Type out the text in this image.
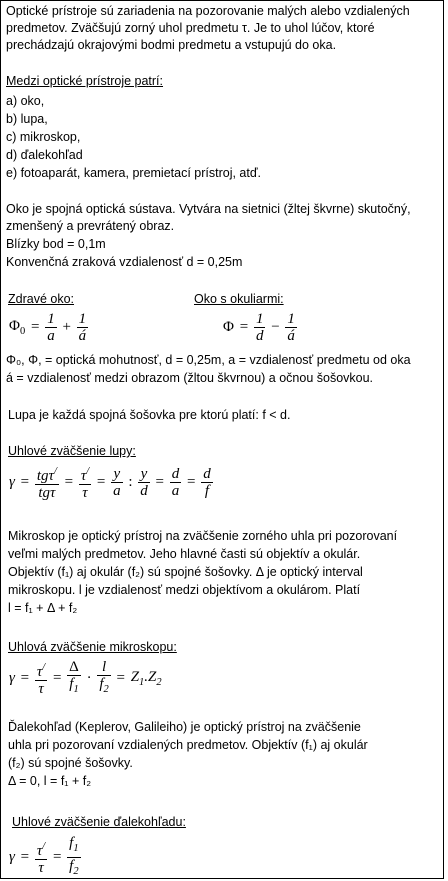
Optické prístroje sú zariadenia na pozorovanie malých alebo vzdialených
predmetov. Zväčšujú zorný uhol predmetu τ. Je to uhol lúčov, ktoré
prechádzajú okrajovými bodmi predmetu a vstupujú do oka.
Medzi optické prístroje patrí:
a) oko,
b) lupa,
c) mikroskop,
d) ďalekohľad
e) fotoaparát, kamera, premietací prístroj, atď.
Oko je spojná optická sústava. Vytvára na sietnici (žltej škvrne) skutočný,
zmenšený a prevrátený obraz.
Blízky bod = 0,1m
Konvenčná zraková vzdialenosť d = 0,25m
Zdravé oko:	Oko s okuliarmi:
$\Phi_0 = \frac{1}{a} + \frac{1}{á}$	$\Phi = \frac{1}{d} - \frac{1}{á}$
Φ₀, Φ, = optická mohutnosť, d = 0,25m, a = vzdialenosť predmetu od oka
á = vzdialenosť medzi obrazom (žltou škvrnou) a očnou šošovkou.
Lupa je každá spojná šošovka pre ktorú platí: f < d.
Uhlové zväčšenie lupy:
$\gamma = \frac{tg\tau^/}{\text{tgτ}} = \frac{\tau^/}{\tau} = \frac{y}{a}$ : $\frac{y}{d} = \frac{d}{a} = \frac{d}{f}$
Mikroskop je optický prístroj na zväčšenie zorného uhla pri pozorovaní
veľmi malých predmetov. Jeho hlavné časti sú objektív a okulár.
Objektív (f₁) aj okulár (f₂) sú spojné šošovky. Δ je optický interval
mikroskopu. l je vzdialenosť medzi objektívom a okulárom. Platí
l = f₁ + Δ + f₂
Uhlová zväčšenie mikroskopu:
$\gamma = \frac{\tau^/}{\tau} = \frac{\Delta}{f_1} \cdot \frac{l}{f_2} = Z_1.Z_2$
Ďalekohľad (Keplerov, Galileiho) je optický prístroj na zväčšenie
uhla pri pozorovaní vzdialených predmetov. Objektív (f₁) aj okulár
(f₂) sú spojné šošovky.
Δ = 0, l = f₁ + f₂
Uhlové zväčšenie ďalekohľadu:
$\gamma = \frac{\tau^/}{\tau} = \frac{f_1}{f_2}$
